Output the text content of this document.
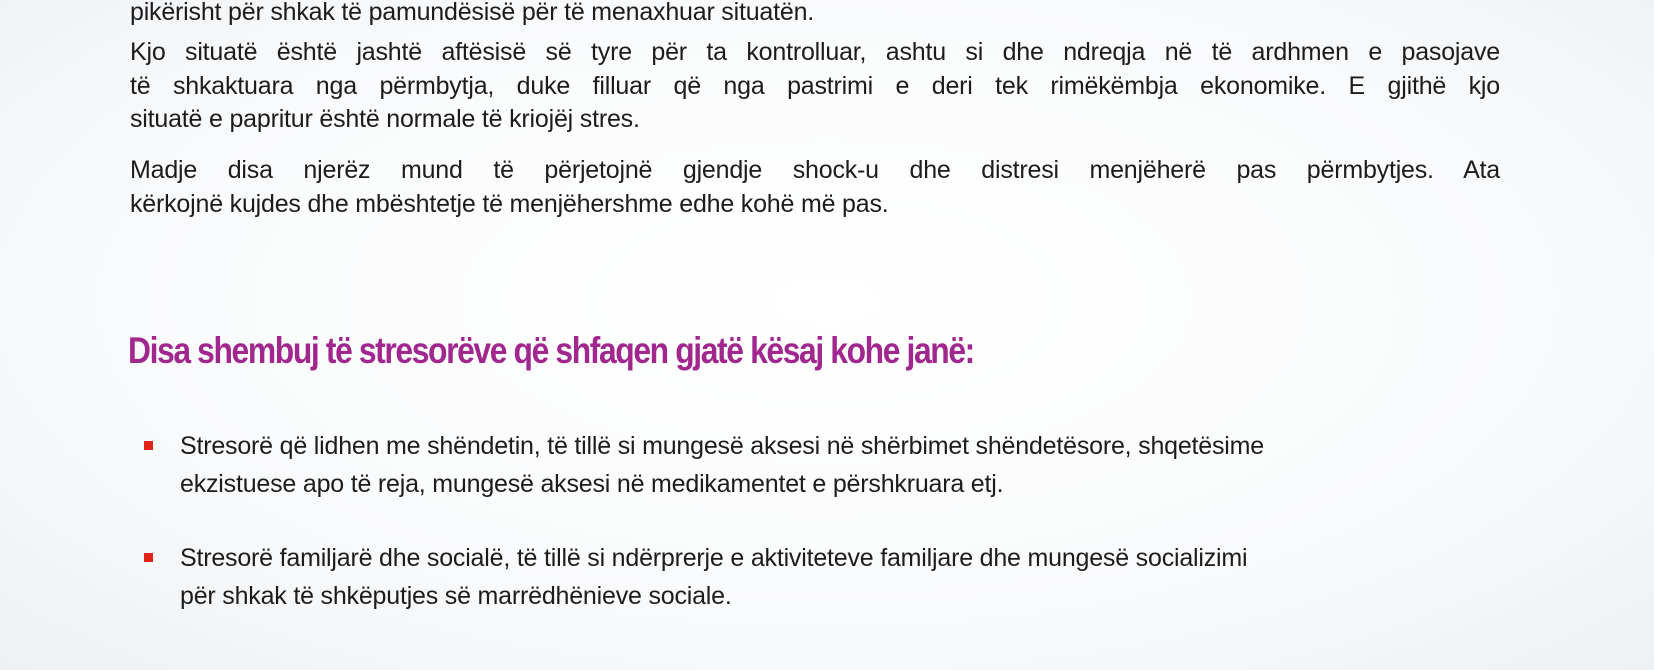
pikërisht për shkak të pamundësisë për të menaxhuar situatën.

Kjo situatë është jashtë aftësisë së tyre për ta kontrolluar, ashtu si dhe ndreqja në të ardhmen e pasojave
të shkaktuara nga përmbytja, duke filluar që nga pastrimi e deri tek rimëkëmbja ekonomike. E gjithë kjo
situatë e papritur është normale të kriojëj stres.

Madje disa njerëz mund të përjetojnë gjendje shock-u dhe distresi menjëherë pas përmbytjes. Ata
kërkojnë kujdes dhe mbështetje të menjëhershme edhe kohë më pas.

Disa shembuj të stresorëve që shfaqen gjatë kësaj kohe janë:
Stresorë që lidhen me shëndetin, të tillë si mungesë aksesi në shërbimet shëndetësore, shqetësime
ekzistuese apo të reja, mungesë aksesi në medikamentet e përshkruara etj.
Stresorë familjarë dhe socialë, të tillë si ndërprerje e aktiviteteve familjare dhe mungesë socializimi
për shkak të shkëputjes së marrëdhënieve sociale.
